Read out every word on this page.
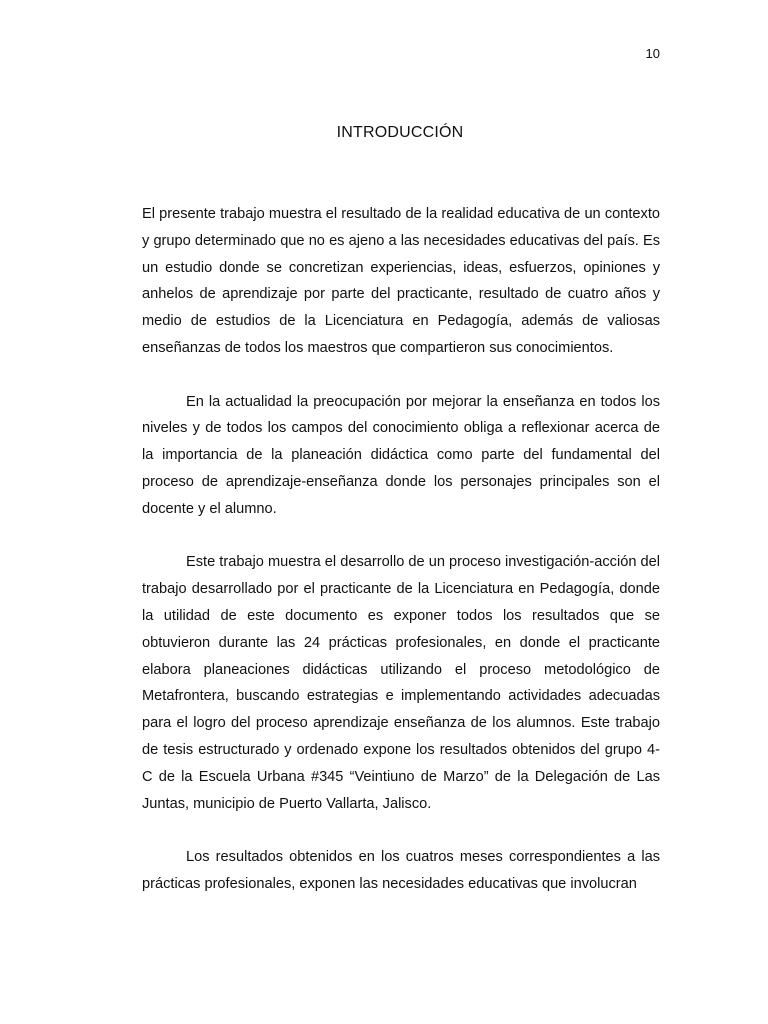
10
INTRODUCCIÓN

El presente trabajo muestra el resultado de la realidad educativa de un contexto y grupo determinado que no es ajeno a las necesidades educativas del país. Es un estudio donde se concretizan experiencias, ideas, esfuerzos, opiniones y anhelos de aprendizaje por parte del practicante, resultado de cuatro años y medio de estudios de la Licenciatura en Pedagogía, además de valiosas enseñanzas de todos los maestros que compartieron sus conocimientos.

En la actualidad la preocupación por mejorar la enseñanza en todos los niveles y de todos los campos del conocimiento obliga a reflexionar acerca de la importancia de la planeación didáctica como parte del fundamental del proceso de aprendizaje-enseñanza donde los personajes principales son el docente y el alumno.

Este trabajo muestra el desarrollo de un proceso investigación-acción del trabajo desarrollado por el practicante de la Licenciatura en Pedagogía, donde la utilidad de este documento es exponer todos los resultados que se obtuvieron durante las 24 prácticas profesionales, en donde el practicante elabora planeaciones didácticas utilizando el proceso metodológico de Metafrontera, buscando estrategias e implementando actividades adecuadas para el logro del proceso aprendizaje enseñanza de los alumnos. Este trabajo de tesis estructurado y ordenado expone los resultados obtenidos del grupo 4-C de la Escuela Urbana #345 “Veintiuno de Marzo” de la Delegación de Las Juntas, municipio de Puerto Vallarta, Jalisco.

Los resultados obtenidos en los cuatros meses correspondientes a las prácticas profesionales, exponen las necesidades educativas que involucran
